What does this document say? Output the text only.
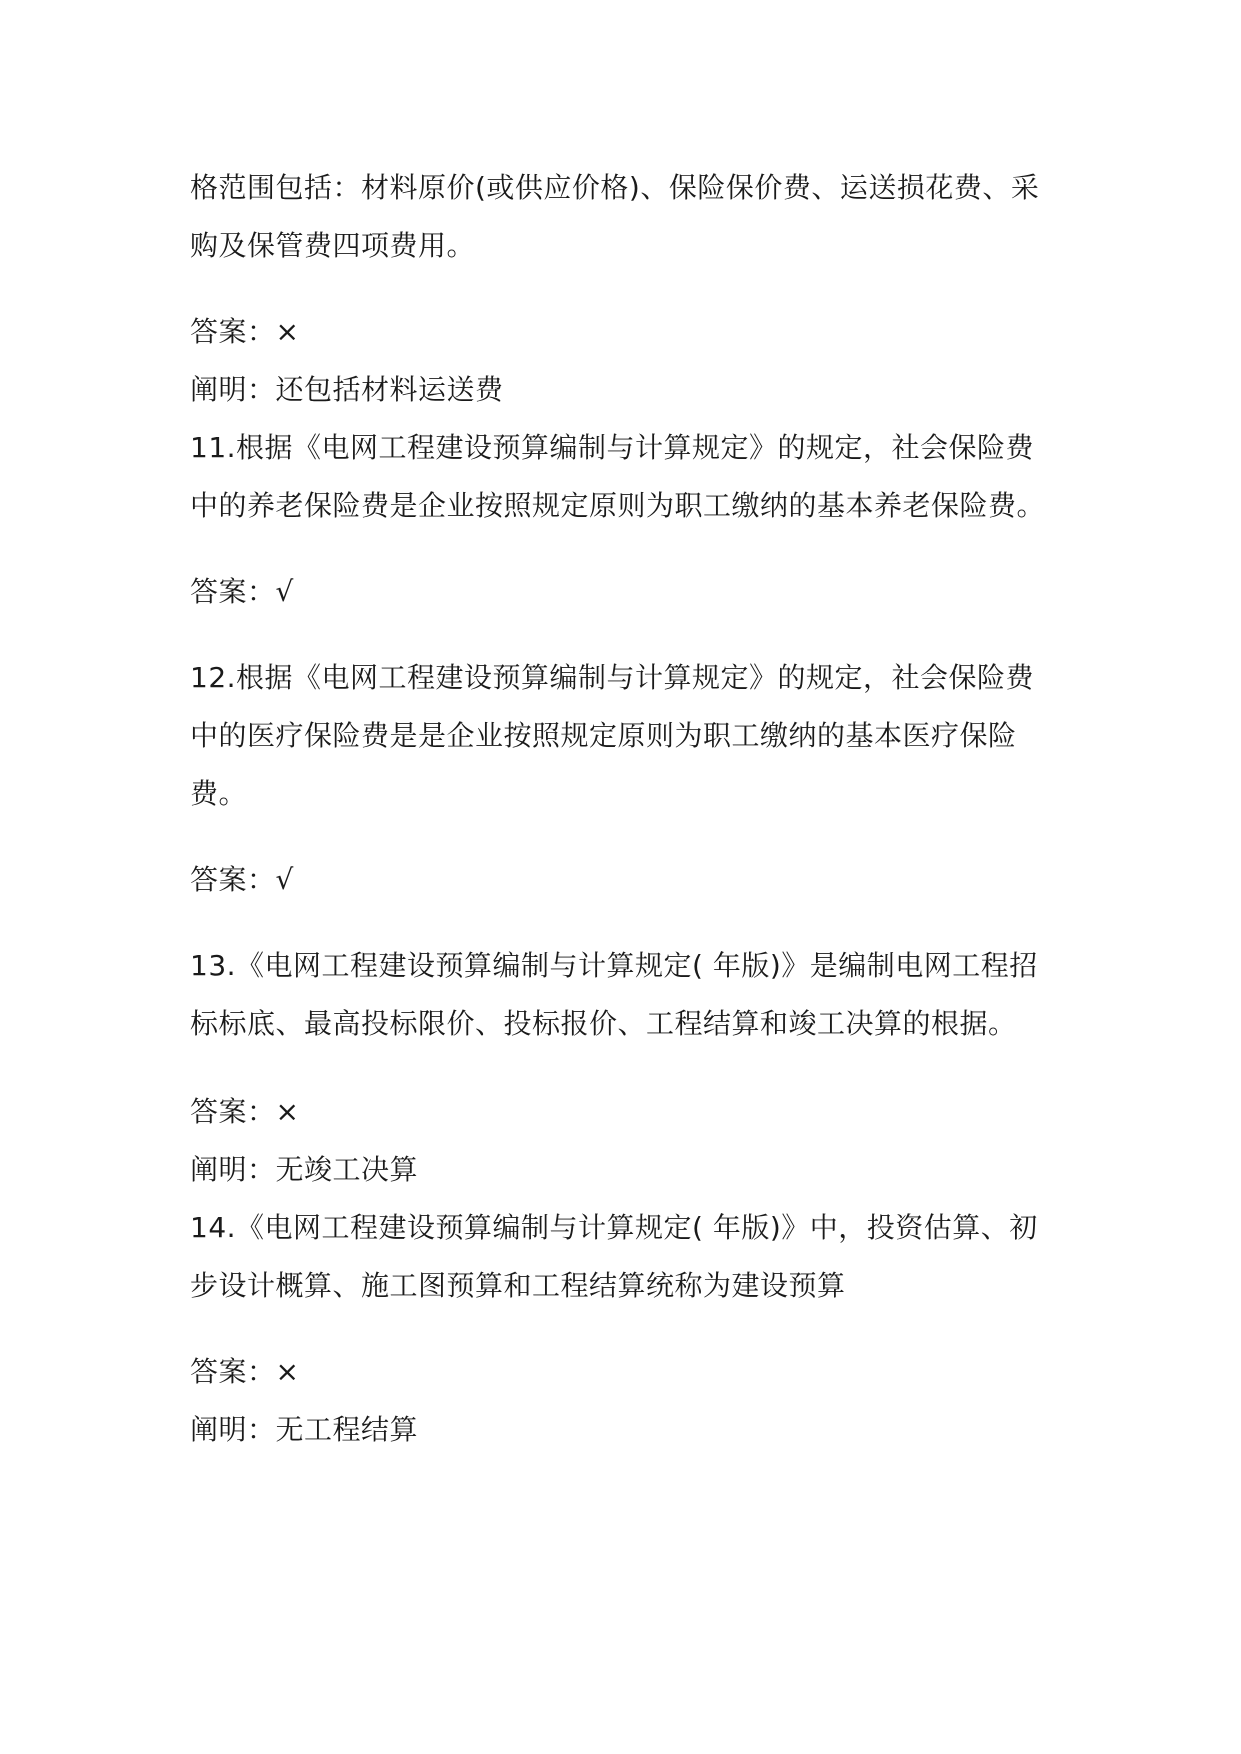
格范围包括：材料原价(或供应价格)、保险保价费、运送损花费、采
购及保管费四项费用。
答案：×
阐明：还包括材料运送费
11.根据《电网工程建设预算编制与计算规定》的规定，社会保险费
中的养老保险费是企业按照规定原则为职工缴纳的基本养老保险费。
答案：√
12.根据《电网工程建设预算编制与计算规定》的规定，社会保险费
中的医疗保险费是是企业按照规定原则为职工缴纳的基本医疗保险
费。
答案：√
13.《电网工程建设预算编制与计算规定( 年版)》是编制电网工程招
标标底、最高投标限价、投标报价、工程结算和竣工决算的根据。
答案：×
阐明：无竣工决算
14.《电网工程建设预算编制与计算规定( 年版)》中，投资估算、初
步设计概算、施工图预算和工程结算统称为建设预算
答案：×
阐明：无工程结算
